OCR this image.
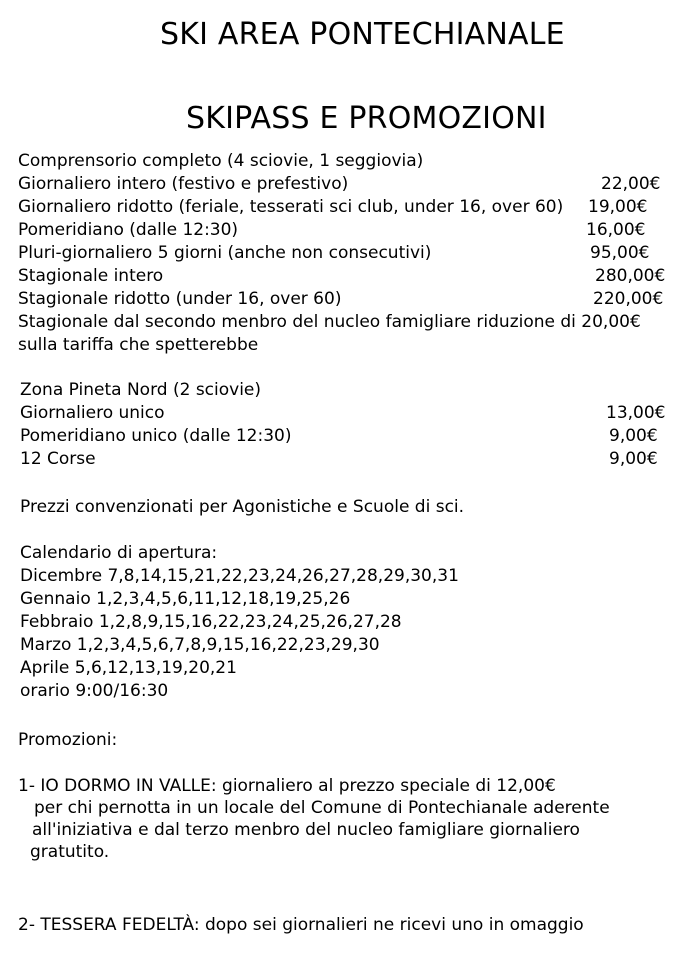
SKI AREA PONTECHIANALE
SKIPASS E PROMOZIONI
Comprensorio completo (4 sciovie, 1 seggiovia)
Giornaliero intero (festivo e prefestivo)	22,00€
Giornaliero ridotto (feriale, tesserati sci club, under 16, over 60) 19,00€
Pomeridiano (dalle 12:30)	16,00€
Pluri-giornaliero 5 giorni (anche non consecutivi)	95,00€
Stagionale intero	280,00€
Stagionale ridotto (under 16, over 60)	220,00€
Stagionale dal secondo menbro del nucleo famigliare riduzione di 20,00€
sulla tariffa che spetterebbe
Zona Pineta Nord (2 sciovie)
Giornaliero unico	13,00€
Pomeridiano unico (dalle 12:30)	9,00€
12 Corse	9,00€
Prezzi convenzionati per Agonistiche e Scuole di sci.
Calendario di apertura:
Dicembre 7,8,14,15,21,22,23,24,26,27,28,29,30,31
Gennaio 1,2,3,4,5,6,11,12,18,19,25,26
Febbraio 1,2,8,9,15,16,22,23,24,25,26,27,28
Marzo 1,2,3,4,5,6,7,8,9,15,16,22,23,29,30
Aprile 5,6,12,13,19,20,21
orario 9:00/16:30
Promozioni:
1- IO DORMO IN VALLE: giornaliero al prezzo speciale di 12,00€
per chi pernotta in un locale del Comune di Pontechianale aderente
all'iniziativa e dal terzo menbro del nucleo famigliare giornaliero
gratutito.
2- TESSERA FEDELTÀ: dopo sei giornalieri ne ricevi uno in omaggio
